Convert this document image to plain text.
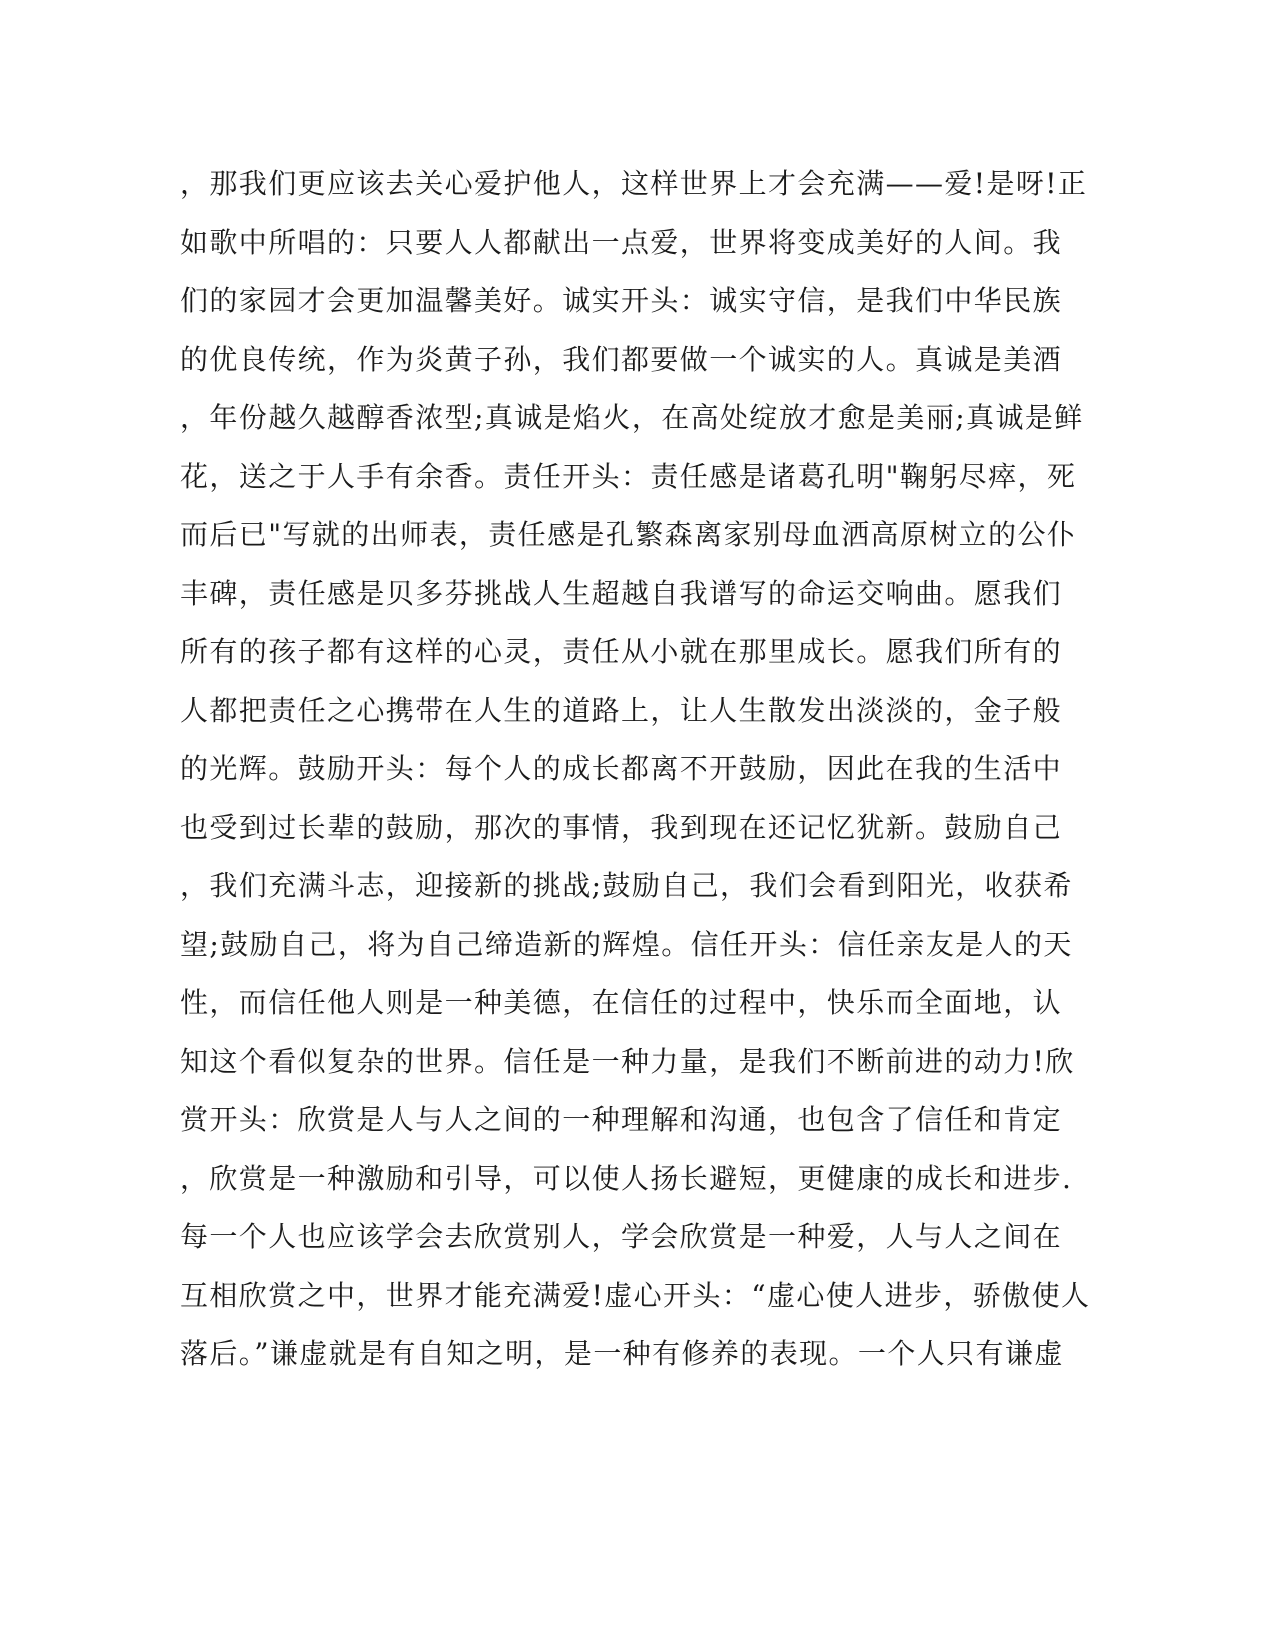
，那我们更应该去关心爱护他人，这样世界上才会充满——爱!是呀!正
如歌中所唱的：只要人人都献出一点爱，世界将变成美好的人间。我
们的家园才会更加温馨美好。诚实开头：诚实守信，是我们中华民族
的优良传统，作为炎黄子孙，我们都要做一个诚实的人。真诚是美酒
，年份越久越醇香浓型;真诚是焰火，在高处绽放才愈是美丽;真诚是鲜
花，送之于人手有余香。责任开头：责任感是诸葛孔明"鞠躬尽瘁，死
而后已"写就的出师表，责任感是孔繁森离家别母血洒高原树立的公仆
丰碑，责任感是贝多芬挑战人生超越自我谱写的命运交响曲。愿我们
所有的孩子都有这样的心灵，责任从小就在那里成长。愿我们所有的
人都把责任之心携带在人生的道路上，让人生散发出淡淡的，金子般
的光辉。鼓励开头：每个人的成长都离不开鼓励，因此在我的生活中
也受到过长辈的鼓励，那次的事情，我到现在还记忆犹新。鼓励自己
，我们充满斗志，迎接新的挑战;鼓励自己，我们会看到阳光，收获希
望;鼓励自己，将为自己缔造新的辉煌。信任开头：信任亲友是人的天
性，而信任他人则是一种美德，在信任的过程中，快乐而全面地，认
知这个看似复杂的世界。信任是一种力量，是我们不断前进的动力!欣
赏开头：欣赏是人与人之间的一种理解和沟通，也包含了信任和肯定
，欣赏是一种激励和引导，可以使人扬长避短，更健康的成长和进步.
每一个人也应该学会去欣赏别人，学会欣赏是一种爱，人与人之间在
互相欣赏之中，世界才能充满爱!虚心开头：“虚心使人进步，骄傲使人
落后。”谦虚就是有自知之明，是一种有修养的表现。一个人只有谦虚
